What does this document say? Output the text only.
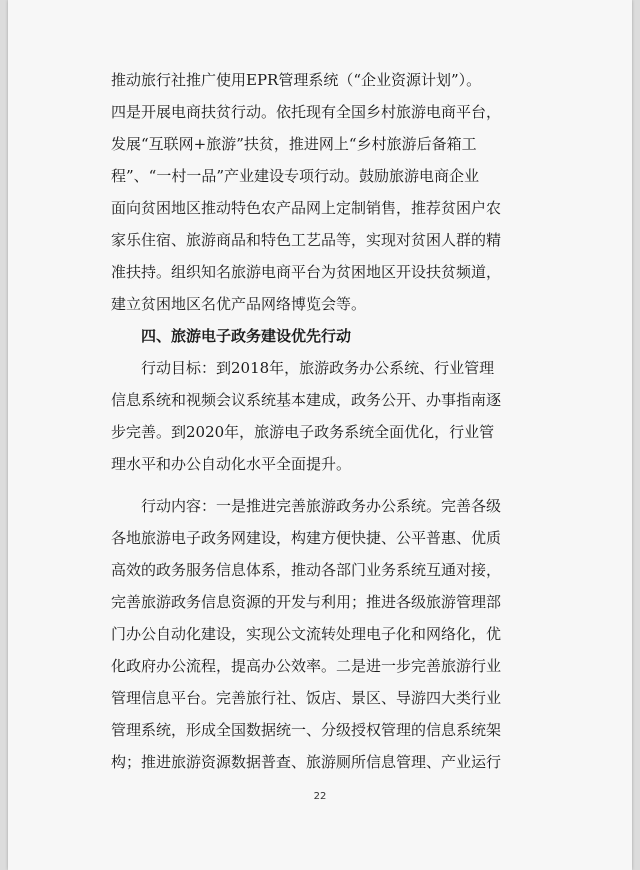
推动旅行社推广使用EPR管理系统（“企业资源计划”）。
四是开展电商扶贫行动。依托现有全国乡村旅游电商平台，
发展“互联网+旅游”扶贫，推进网上“乡村旅游后备箱工
程”、“一村一品”产业建设专项行动。鼓励旅游电商企业
面向贫困地区推动特色农产品网上定制销售，推荐贫困户农
家乐住宿、旅游商品和特色工艺品等，实现对贫困人群的精
准扶持。组织知名旅游电商平台为贫困地区开设扶贫频道，
建立贫困地区名优产品网络博览会等。
四、旅游电子政务建设优先行动
行动目标：到2018年，旅游政务办公系统、行业管理
信息系统和视频会议系统基本建成，政务公开、办事指南逐
步完善。到2020年，旅游电子政务系统全面优化，行业管
理水平和办公自动化水平全面提升。
行动内容：一是推进完善旅游政务办公系统。完善各级
各地旅游电子政务网建设，构建方便快捷、公平普惠、优质
高效的政务服务信息体系，推动各部门业务系统互通对接，
完善旅游政务信息资源的开发与利用；推进各级旅游管理部
门办公自动化建设，实现公文流转处理电子化和网络化，优
化政府办公流程，提高办公效率。二是进一步完善旅游行业
管理信息平台。完善旅行社、饭店、景区、导游四大类行业
管理系统，形成全国数据统一、分级授权管理的信息系统架
构；推进旅游资源数据普查、旅游厕所信息管理、产业运行
22
